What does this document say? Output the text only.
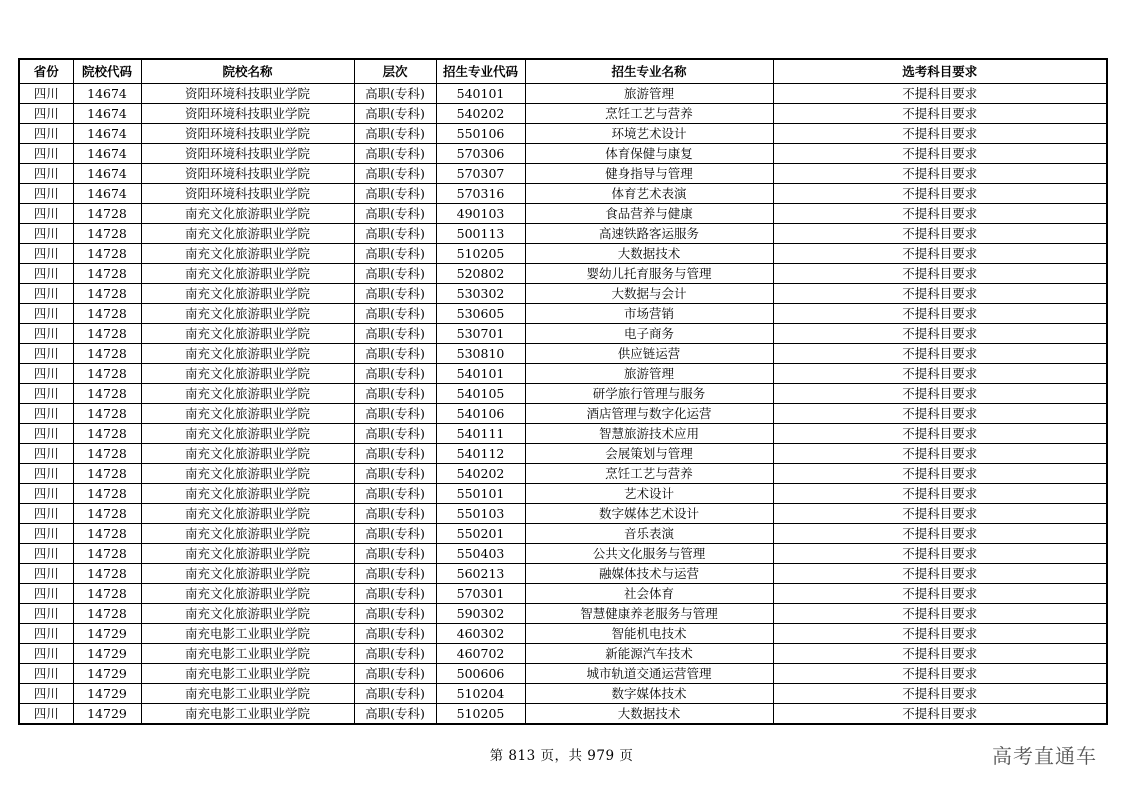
省份	院校代码	院校名称	层次	招生专业代码	招生专业名称	选考科目要求
四川	14674	资阳环境科技职业学院	高职(专科)	540101	旅游管理	不提科目要求
四川	14674	资阳环境科技职业学院	高职(专科)	540202	烹饪工艺与营养	不提科目要求
四川	14674	资阳环境科技职业学院	高职(专科)	550106	环境艺术设计	不提科目要求
四川	14674	资阳环境科技职业学院	高职(专科)	570306	体育保健与康复	不提科目要求
四川	14674	资阳环境科技职业学院	高职(专科)	570307	健身指导与管理	不提科目要求
四川	14674	资阳环境科技职业学院	高职(专科)	570316	体育艺术表演	不提科目要求
四川	14728	南充文化旅游职业学院	高职(专科)	490103	食品营养与健康	不提科目要求
四川	14728	南充文化旅游职业学院	高职(专科)	500113	高速铁路客运服务	不提科目要求
四川	14728	南充文化旅游职业学院	高职(专科)	510205	大数据技术	不提科目要求
四川	14728	南充文化旅游职业学院	高职(专科)	520802	婴幼儿托育服务与管理	不提科目要求
四川	14728	南充文化旅游职业学院	高职(专科)	530302	大数据与会计	不提科目要求
四川	14728	南充文化旅游职业学院	高职(专科)	530605	市场营销	不提科目要求
四川	14728	南充文化旅游职业学院	高职(专科)	530701	电子商务	不提科目要求
四川	14728	南充文化旅游职业学院	高职(专科)	530810	供应链运营	不提科目要求
四川	14728	南充文化旅游职业学院	高职(专科)	540101	旅游管理	不提科目要求
四川	14728	南充文化旅游职业学院	高职(专科)	540105	研学旅行管理与服务	不提科目要求
四川	14728	南充文化旅游职业学院	高职(专科)	540106	酒店管理与数字化运营	不提科目要求
四川	14728	南充文化旅游职业学院	高职(专科)	540111	智慧旅游技术应用	不提科目要求
四川	14728	南充文化旅游职业学院	高职(专科)	540112	会展策划与管理	不提科目要求
四川	14728	南充文化旅游职业学院	高职(专科)	540202	烹饪工艺与营养	不提科目要求
四川	14728	南充文化旅游职业学院	高职(专科)	550101	艺术设计	不提科目要求
四川	14728	南充文化旅游职业学院	高职(专科)	550103	数字媒体艺术设计	不提科目要求
四川	14728	南充文化旅游职业学院	高职(专科)	550201	音乐表演	不提科目要求
四川	14728	南充文化旅游职业学院	高职(专科)	550403	公共文化服务与管理	不提科目要求
四川	14728	南充文化旅游职业学院	高职(专科)	560213	融媒体技术与运营	不提科目要求
四川	14728	南充文化旅游职业学院	高职(专科)	570301	社会体育	不提科目要求
四川	14728	南充文化旅游职业学院	高职(专科)	590302	智慧健康养老服务与管理	不提科目要求
四川	14729	南充电影工业职业学院	高职(专科)	460302	智能机电技术	不提科目要求
四川	14729	南充电影工业职业学院	高职(专科)	460702	新能源汽车技术	不提科目要求
四川	14729	南充电影工业职业学院	高职(专科)	500606	城市轨道交通运营管理	不提科目要求
四川	14729	南充电影工业职业学院	高职(专科)	510204	数字媒体技术	不提科目要求
四川	14729	南充电影工业职业学院	高职(专科)	510205	大数据技术	不提科目要求
第 813 页，共 979 页	高考直通车
